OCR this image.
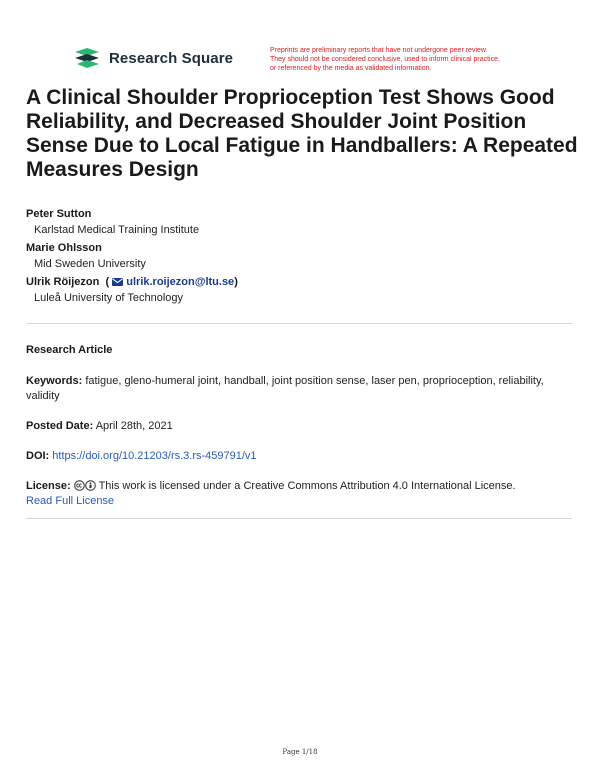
Research Square	Preprints are preliminary reports that have not undergone peer review.
They should not be considered conclusive, used to inform clinical practice,
or referenced by the media as validated information.
A Clinical Shoulder Proprioception Test Shows Good Reliability, and Decreased Shoulder Joint Position Sense Due to Local Fatigue in Handballers: A Repeated Measures Design
Peter Sutton
Karlstad Medical Training Institute
Marie Ohlsson
Mid Sweden University
Ulrik Röijezon  ( ulrik.roijezon@ltu.se)
Luleå University of Technology
Research Article
Keywords: fatigue, gleno-humeral joint, handball, joint position sense, laser pen, proprioception, reliability, validity
Posted Date: April 28th, 2021
DOI: https://doi.org/10.21203/rs.3.rs-459791/v1
License:	This work is licensed under a Creative Commons Attribution 4.0 International License.
Read Full License
Page 1/18
